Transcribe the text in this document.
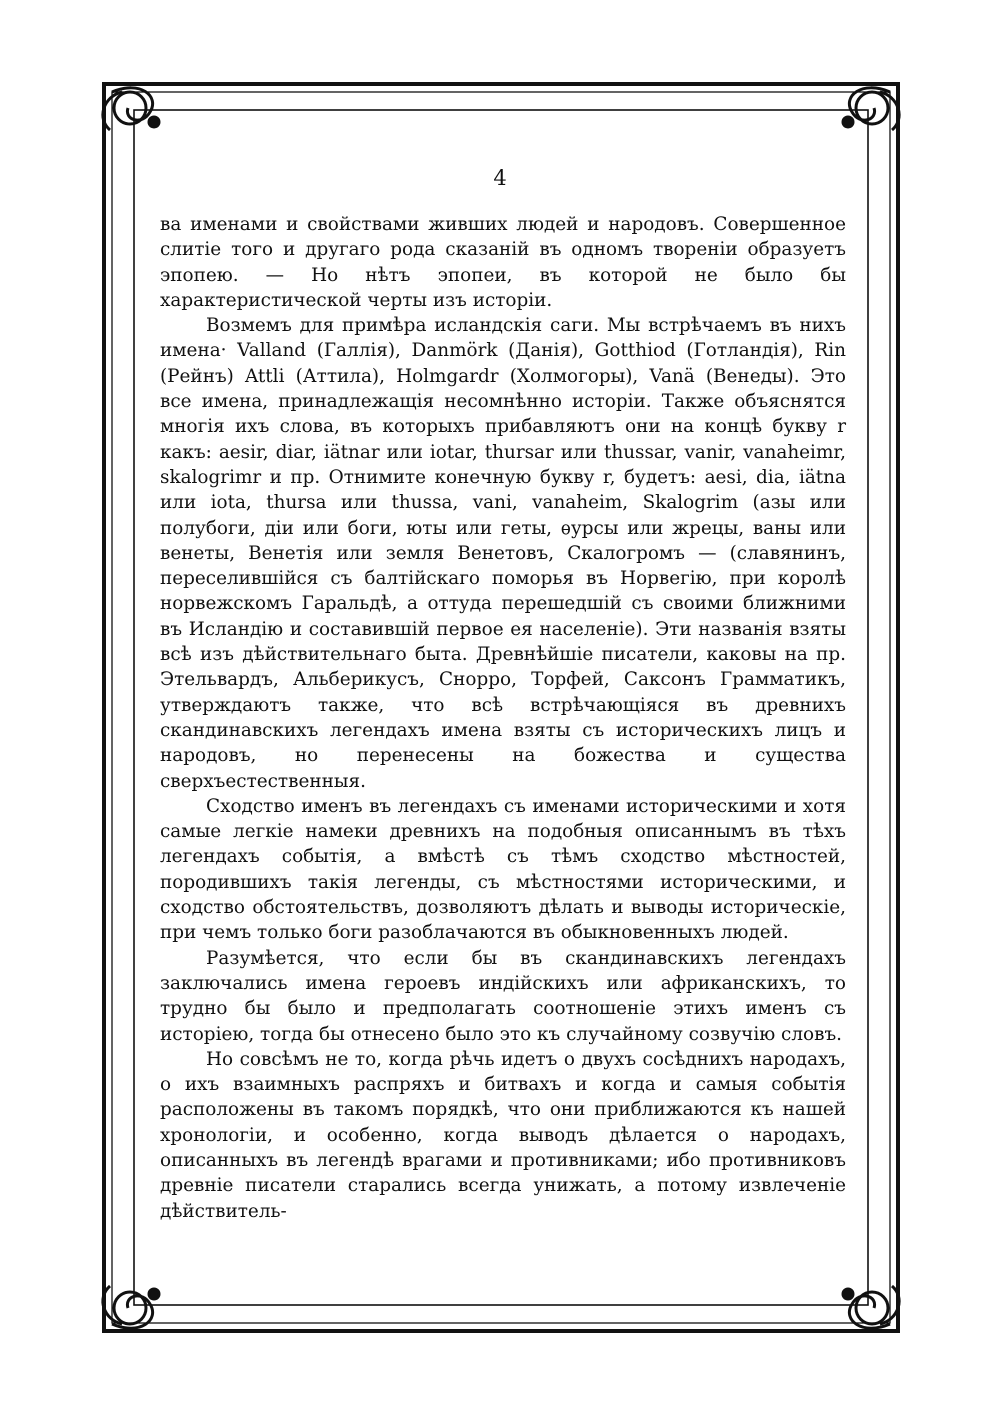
4

ва именами и свойствами живших людей и народовъ. Совершенное слитіе того и другаго рода сказаній въ одномъ твореніи образуетъ эпопею. — Но нѣтъ эпопеи, въ которой не было бы характеристической черты изъ исторіи.

Возмемъ для примѣра исландскія саги. Мы встрѣчаемъ въ нихъ имена· Valland (Галлія), Danmörk (Данія), Gotthiod (Готландія), Rin (Рейнъ) Attli (Аттила), Holmgardr (Холмогоры), Vanä (Венеды). Это все имена, принадлежащія несомнѣнно исторіи. Также объяснятся многія ихъ слова, въ которыхъ прибавляютъ они на концѣ букву r какъ: aesir, diar, iätnar или iotar, thursar или thussar, vanir, vanaheimr, skalogrimr и пр. Отнимите конечную букву r, будетъ: aesi, dia, iätna или iota, thursa или thussa, vani, vanaheim, Skalogrim (азы или полубоги, діи или боги, юты или геты, ѳурсы или жрецы, ваны или венеты, Венетія или земля Венетовъ, Скалогромъ — (славянинъ, переселившійся съ балтійскаго поморья въ Норвегію, при королѣ норвежскомъ Гаральдѣ, а оттуда перешедшій съ своими ближними въ Исландію и составившій первое ея населеніе). Эти названія взяты всѣ изъ дѣйствительнаго быта. Древнѣйшіе писатели, каковы на пр. Этельвардъ, Альберикусъ, Снорро, Торфей, Саксонъ Грамматикъ, утверждаютъ также, что всѣ встрѣчающіяся въ древнихъ скандинавскихъ легендахъ имена взяты съ историческихъ лицъ и народовъ, но перенесены на божества и существа сверхъестественныя.

Сходство именъ въ легендахъ съ именами историческими и хотя самые легкіе намеки древнихъ на подобныя описаннымъ въ тѣхъ легендахъ событія, а вмѣстѣ съ тѣмъ сходство мѣстностей, породившихъ такія легенды, съ мѣстностями историческими, и сходство обстоятельствъ, дозволяютъ дѣлать и выводы историческіе, при чемъ только боги разоблачаются въ обыкновенныхъ людей.

Разумѣется, что если бы въ скандинавскихъ легендахъ заключались имена героевъ индійскихъ или африканскихъ, то трудно бы было и предполагать соотношеніе этихъ именъ съ исторіею, тогда бы отнесено было это къ случайному созвучію словъ.

Но совсѣмъ не то, когда рѣчь идетъ о двухъ сосѣднихъ народахъ, о ихъ взаимныхъ распряхъ и битвахъ и когда и самыя событія расположены въ такомъ порядкѣ, что они приближаются къ нашей хронологіи, и особенно, когда выводъ дѣлается о народахъ, описанныхъ въ легендѣ врагами и противниками; ибо противниковъ древніе писатели старались всегда унижать, а потому извлеченіе дѣйствитель-
